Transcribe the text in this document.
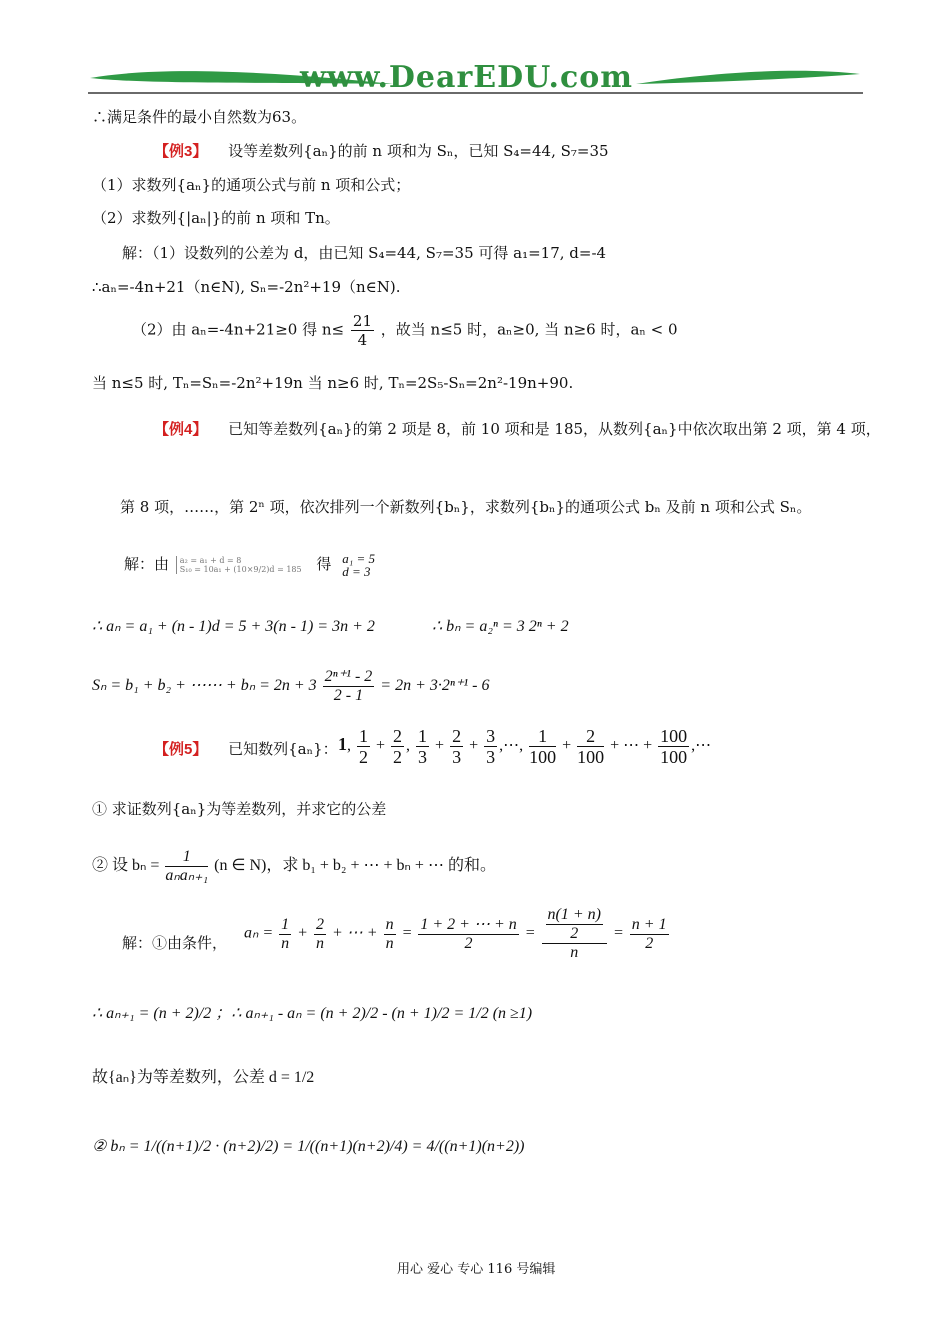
www.DearEDU.com
∴满足条件的最小自然数为63。
【例3】 设等差数列{aₙ}的前 n 项和为 Sₙ，已知 S₄=44, S₇=35
（1）求数列{aₙ}的通项公式与前 n 项和公式；
（2）求数列{|aₙ|}的前 n 项和 Tn。
解：（1）设数列的公差为 d，由已知 S₄=44, S₇=35 可得 a₁=17, d=-4
∴aₙ=-4n+21（n∈N), Sₙ=-2n²+19（n∈N).
（2）由 aₙ=-4n+21≥0 得 $n\le \frac{21}{4}$ ，故当 n≤5 时，aₙ≥0, 当 n≥6 时，aₙ < 0
当 n≤5 时, Tₙ=Sₙ=-2n²+19n 当 n≥6 时, Tₙ=2S₅-Sₙ=2n²-19n+90.
【例4】 已知等差数列{aₙ}的第 2 项是 8，前 10 项和是 185，从数列{aₙ}中依次取出第 2 项，第 4 项，
第 8 项，……，第 2ⁿ 项，依次排列一个新数列{bₙ}，求数列{bₙ}的通项公式 bₙ 及前 n 项和公式 Sₙ。
解：由 a₂ = a₁ + d = 8
S₁₀ = 10a₁ + (10×9/2)d = 185 得 a₁ = 5
d = 3
∴ aₙ = a₁ + (n - 1)d = 5 + 3(n - 1) = 3n + 2	∴ bₙ = a₂ⁿ = 3 2ⁿ + 2
Sₙ = b₁ + b₂ + ⋯⋯ + $b_n = 2n + 3 \frac{\text{2ⁿ⁺¹ - 2}}{2 - 1} = 2n + 3\cdot 2^{n+1} - 6$
【例5】 已知数列{aₙ}： 1, $\frac{1}{2} + \frac{2}{2}$ , $\frac{1}{3} + \frac{2}{3} + \frac{3}{3}$ ,⋯, $\frac{1}{100} + \frac{2}{100}$ + ⋯ + $\frac{100}{100}$ ,⋯
① 求证数列{aₙ}为等差数列，并求它的公差
② 设 $b_n = \frac{1}{\text{aₙaₙ₊₁}} (n$ ∈ N)，求 b₁ + b₂ + ⋯ + bₙ + ⋯ 的和。
解：①由条件，
$a_n = \frac{1}{n} + \frac{2}{n}$ + ⋯ + $\frac{n}{n} = \frac{1 + 2 + \cdots + n}{2} = \frac{\frac{n(1 + n)}{2}}{n} = \frac{n + 1}{2}$
∴ aₙ₊₁ = (n + 2)/2 ；∴ aₙ₊₁ - aₙ = (n + 2)/2 - (n + 1)/2 = 1/2 (n ≥1)
故{aₙ}为等差数列，公差 d = 1/2
② bₙ = 1/((n+1)/2 · (n+2)/2) = 1/((n+1)(n+2)/4) = 4/((n+1)(n+2))
用心 爱心 专心 116 号编辑
